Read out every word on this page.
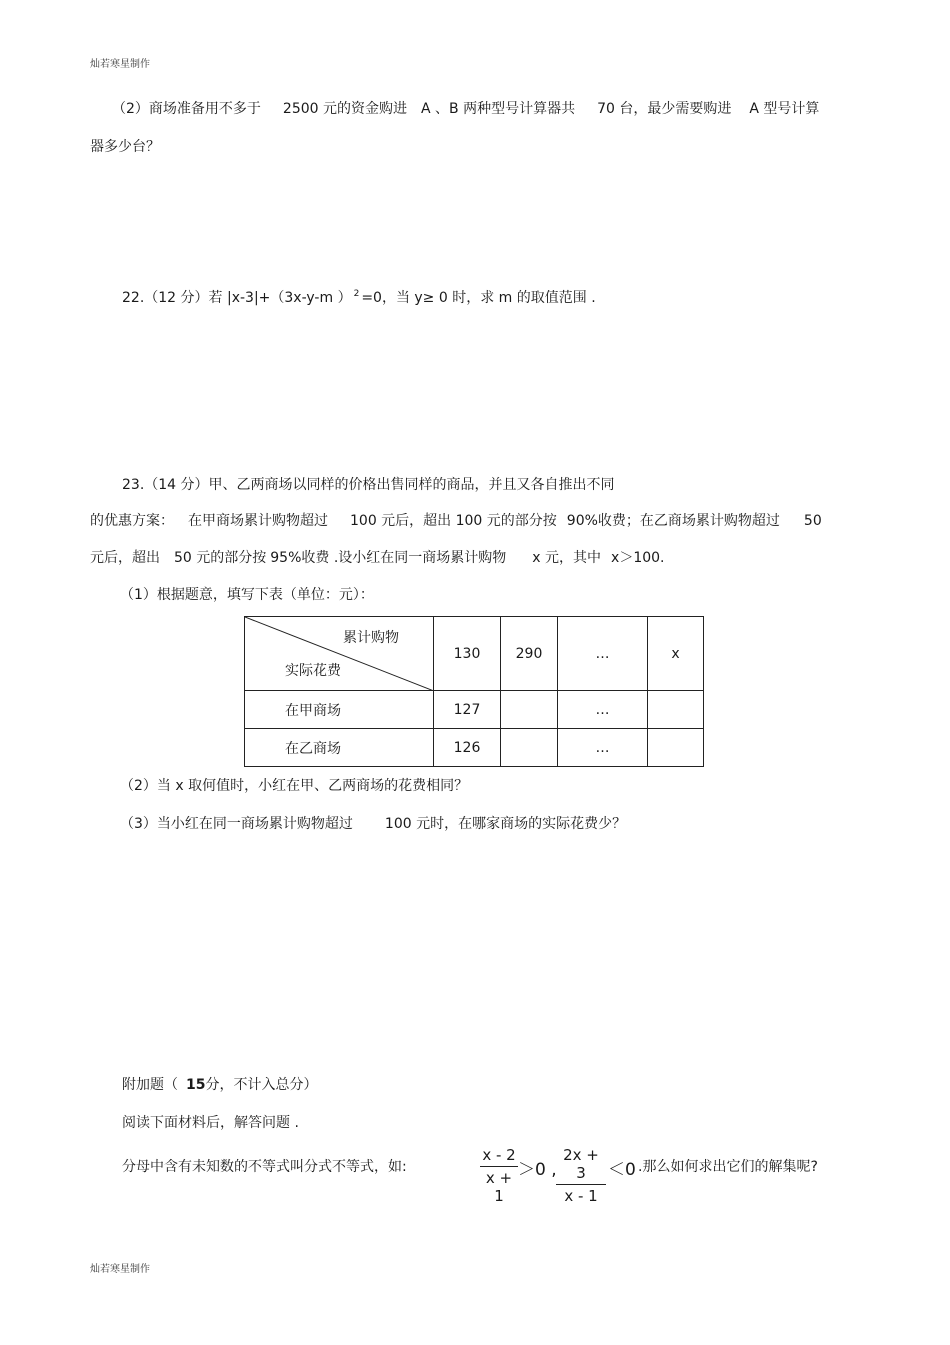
灿若寒星制作
灿若寒星制作
（2）商场准备用不多于 2500 元的资金购进 A 、B 两种型号计算器共 70 台，最少需要购进 A 型号计算
器多少台？
22.（12 分）若 |x-3|+（3x-y-m ） $^2$ =0，当 y≥ 0 时，求 m 的取值范围 .
23.（14 分）甲、乙两商场以同样的价格出售同样的商品，并且又各自推出不同
的优惠方案： 在甲商场累计购物超过 100 元后，超出 100 元的部分按 90%收费；在乙商场累计购物超过 50
元后，超出 50 元的部分按 95%收费 .设小红在同一商场累计购物 x 元，其中 x＞100.
（1）根据题意，填写下表（单位：元）：
累计购物
实际花费	130	290	…	x
在甲商场	127		…	
在乙商场	126		…	
（2）当 x 取何值时，小红在甲、乙两商场的花费相同？
（3）当小红在同一商场累计购物超过 100 元时，在哪家商场的实际花费少？
附加题（ 15分，不计入总分）
阅读下面材料后，解答问题 .
分母中含有未知数的不等式叫分式不等式，如:
x - 2
x + 1
＞0 ,
2x + 3
x - 1
＜0 .那么如何求出它们的解集呢?
